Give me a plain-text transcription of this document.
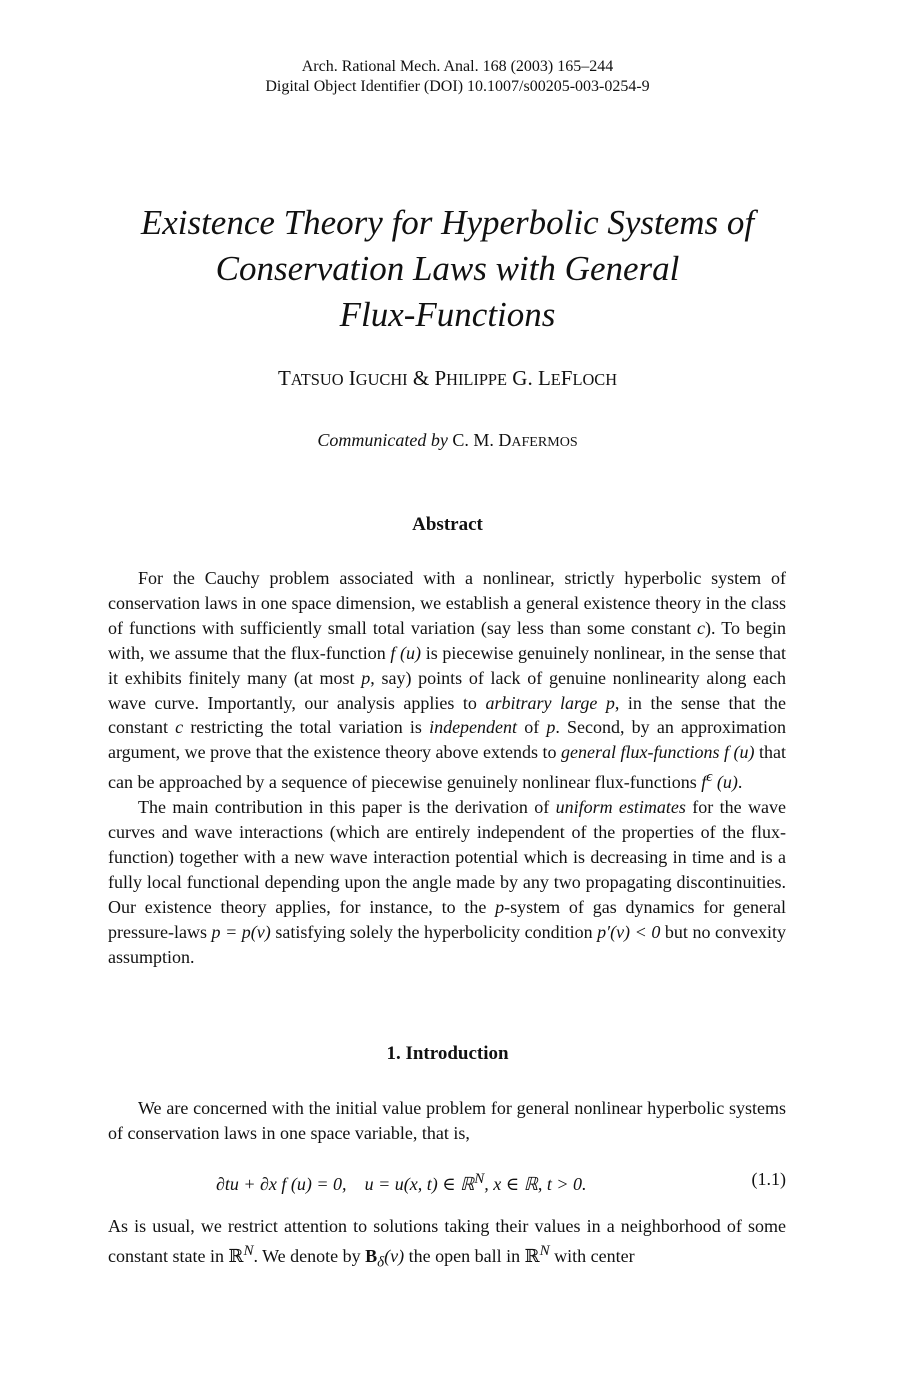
Arch. Rational Mech. Anal. 168 (2003) 165–244
Digital Object Identifier (DOI) 10.1007/s00205-003-0254-9
Existence Theory for Hyperbolic Systems of
Conservation Laws with General
Flux-Functions
TATSUO IGUCHI & PHILIPPE G. LEFLOCH
Communicated by C. M. DAFERMOS
Abstract

For the Cauchy problem associated with a nonlinear, strictly hyperbolic system of conservation laws in one space dimension, we establish a general existence theory in the class of functions with sufficiently small total variation (say less than some constant c). To begin with, we assume that the flux-function f (u) is piecewise genuinely nonlinear, in the sense that it exhibits finitely many (at most p, say) points of lack of genuine nonlinearity along each wave curve. Importantly, our analysis applies to arbitrary large p, in the sense that the constant c restricting the total variation is independent of p. Second, by an approximation argument, we prove that the existence theory above extends to general flux-functions f (u) that can be approached by a sequence of piecewise genuinely nonlinear flux-functions $f^\epsilon$ (u).

The main contribution in this paper is the derivation of uniform estimates for the wave curves and wave interactions (which are entirely independent of the properties of the flux-function) together with a new wave interaction potential which is decreasing in time and is a fully local functional depending upon the angle made by any two propagating discontinuities. Our existence theory applies, for instance, to the p-system of gas dynamics for general pressure-laws p = p(v) satisfying solely the hyperbolicity condition p′(v) < 0 but no convexity assumption.

1. Introduction

We are concerned with the initial value problem for general nonlinear hyperbolic systems of conservation laws in one space variable, that is,

∂tu + ∂x f (u) = 0, u = u(x, t) ∈ ℝ$^N$, x ∈ ℝ, t > 0.	(1.1)

As is usual, we restrict attention to solutions taking their values in a neighborhood of some constant state in ℝ$^N$. We denote by $B_\delta(v)$ the open ball in ℝ$^N$ with center
